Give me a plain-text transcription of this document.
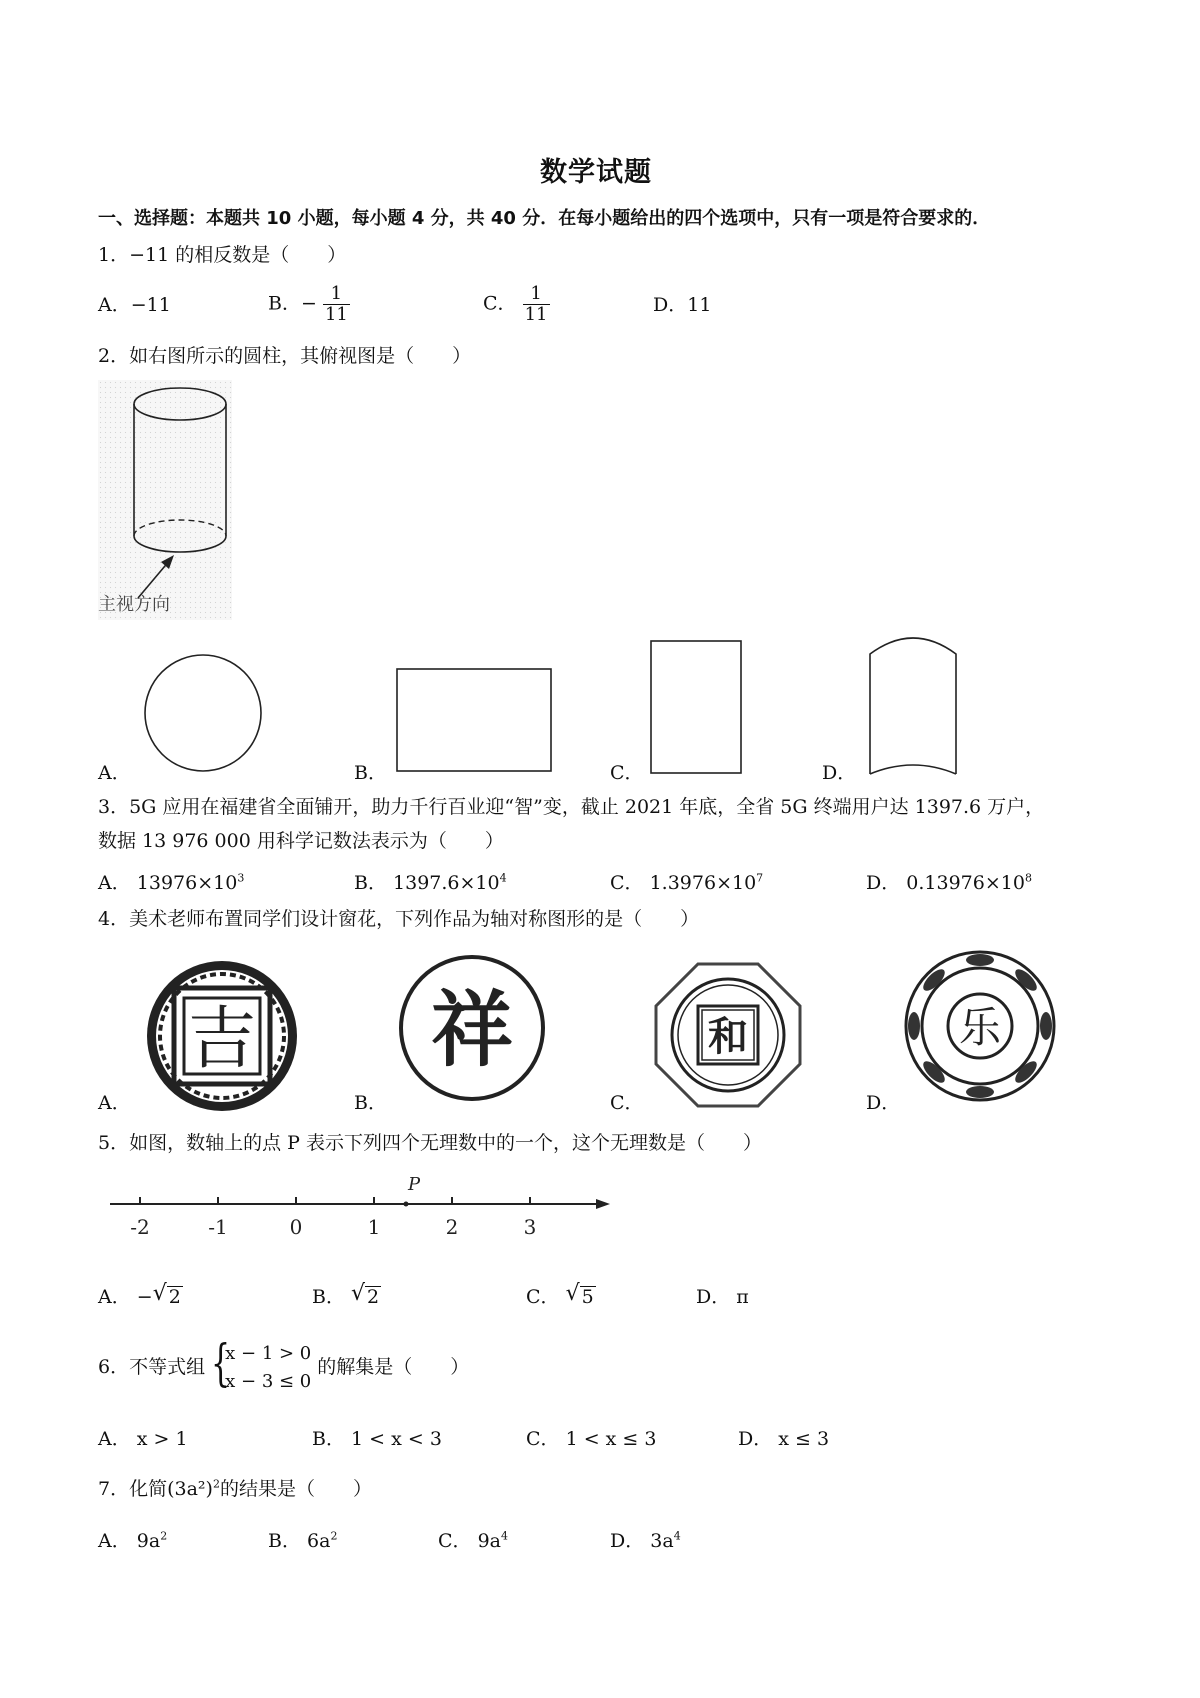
数学试题
一、选择题：本题共 10 小题，每小题 4 分，共 40 分．在每小题给出的四个选项中，只有一项是符合要求的．
1．−11 的相反数是（　　）
A．−11	B．− $\frac{1}{11}$	C． $\frac{1}{11}$	D．11
2．如右图所示的圆柱，其俯视图是（　　）
主视方向
A．	B．	C．	D．
3．5G 应用在福建省全面铺开，助力千行百业迎“智”变，截止 2021 年底，全省 5G 终端用户达 1397.6 万户，
数据 13 976 000 用科学记数法表示为（　　）
A． $13976\times 10^3$	B． $1397.6\times 10^4$	C． $1.3976\times 10^7$	D． $0.13976\times 10^8$
4．美术老师布置同学们设计窗花，下列作品为轴对称图形的是（　　）
A．
吉
B．
祥
C．
和
D．
乐
5．如图，数轴上的点 P 表示下列四个无理数中的一个，这个无理数是（　　）
-2	-1	0	1	2	3
P
A． − √ 2	B． √ 2	C． √ 5	D． π
6．不等式组 {
x − 1 > 0
x − 3 ≤ 0
的解集是（　　）
A． x > 1	B． 1 < x < 3	C． 1 < x ≤ 3	D． x ≤ 3
7．化简$(3a^2)^2$的结果是（　　）
A． $9a^2$	B． $6a^2$	C． $9a^4$	D． $3a^4$
